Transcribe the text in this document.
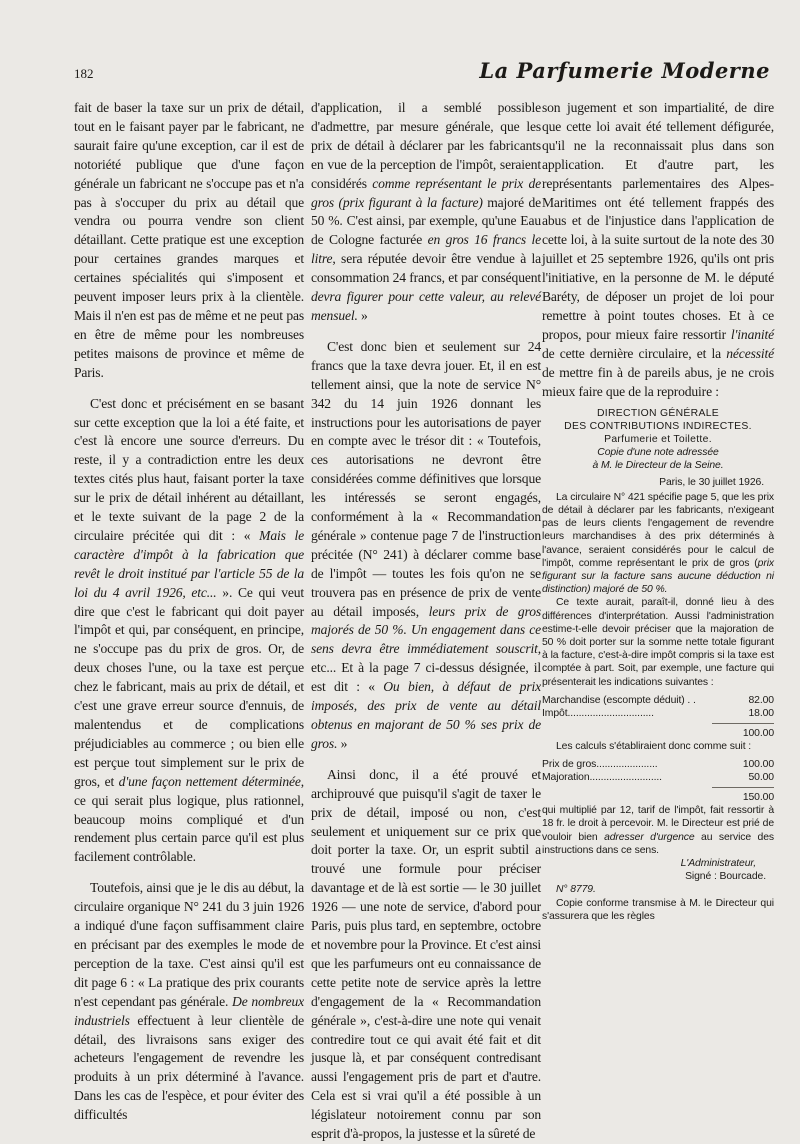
182	La Parfumerie Moderne

fait de baser la taxe sur un prix de détail, tout en le faisant payer par le fabricant, ne saurait faire qu'une exception, car il est de notoriété publique que d'une façon générale un fabricant ne s'occupe pas et n'a pas à s'occuper du prix au détail que vendra ou pourra vendre son client détaillant. Cette pratique est une exception pour certaines grandes marques et certaines spécialités qui s'imposent et peuvent imposer leurs prix à la clientèle. Mais il n'en est pas de même et ne peut pas en être de même pour les nombreuses petites maisons de province et même de Paris.

C'est donc et précisément en se basant sur cette exception que la loi a été faite, et c'est là encore une source d'erreurs. Du reste, il y a contradiction entre les deux textes cités plus haut, faisant porter la taxe sur le prix de détail inhérent au détaillant, et le texte suivant de la page 2 de la circulaire précitée qui dit : « Mais le caractère d'impôt à la fabrication que revêt le droit institué par l'article 55 de la loi du 4 avril 1926, etc... ». Ce qui veut dire que c'est le fabricant qui doit payer l'impôt et qui, par conséquent, en principe, ne s'occupe pas du prix de gros. Or, de deux choses l'une, ou la taxe est perçue chez le fabricant, mais au prix de détail, et c'est une grave erreur source d'ennuis, de malentendus et de complications préjudiciables au commerce ; ou bien elle est perçue tout simplement sur le prix de gros, et d'une façon nettement déterminée, ce qui serait plus logique, plus rationnel, beaucoup moins compliqué et d'un rendement plus certain parce qu'il est plus facilement contrôlable.

Toutefois, ainsi que je le dis au début, la circulaire organique N° 241 du 3 juin 1926 a indiqué d'une façon suffisamment claire en précisant par des exemples le mode de perception de la taxe. C'est ainsi qu'il est dit page 6 : « La pratique des prix courants n'est cependant pas générale. De nombreux industriels effectuent à leur clientèle de détail, des livraisons sans exiger des acheteurs l'engagement de revendre les produits à un prix déterminé à l'avance. Dans les cas de l'espèce, et pour éviter des difficultés

d'application, il a semblé possible d'admettre, par mesure générale, que les prix de détail à déclarer par les fabricants en vue de la perception de l'impôt, seraient considérés comme représentant le prix de gros (prix figurant à la facture) majoré de 50 %. C'est ainsi, par exemple, qu'une Eau de Cologne facturée en gros 16 francs le litre, sera réputée devoir être vendue à la consommation 24 francs, et par conséquent devra figurer pour cette valeur, au relevé mensuel. »

C'est donc bien et seulement sur 24 francs que la taxe devra jouer. Et, il en est tellement ainsi, que la note de service N° 342 du 14 juin 1926 donnant les instructions pour les autorisations de payer en compte avec le trésor dit : « Toutefois, ces autorisations ne devront être considérées comme définitives que lorsque les intéressés se seront engagés, conformément à la « Recommandation générale » contenue page 7 de l'instruction précitée (N° 241) à déclarer comme base de l'impôt — toutes les fois qu'on ne se trouvera pas en présence de prix de vente au détail imposés, leurs prix de gros majorés de 50 %. Un engagement dans ce sens devra être immédiatement souscrit, etc... Et à la page 7 ci-dessus désignée, il est dit : « Ou bien, à défaut de prix imposés, des prix de vente au détail obtenus en majorant de 50 % ses prix de gros. »

Ainsi donc, il a été prouvé et archiprouvé que puisqu'il s'agit de taxer le prix de détail, imposé ou non, c'est seulement et uniquement sur ce prix que doit porter la taxe. Or, un esprit subtil a trouvé une formule pour préciser davantage et de là est sortie — le 30 juillet 1926 — une note de service, d'abord pour Paris, puis plus tard, en septembre, octobre et novembre pour la Province. Et c'est ainsi que les parfumeurs ont eu connaissance de cette petite note de service après la lettre d'engagement de la « Recommandation générale », c'est-à-dire une note qui venait contredire tout ce qui avait été fait et dit jusque là, et par conséquent contredisant aussi l'engagement pris de part et d'autre. Cela est si vrai qu'il a été possible à un législateur notoirement connu par son esprit d'à-propos, la justesse et la sûreté de

son jugement et son impartialité, de dire que cette loi avait été tellement défigurée, qu'il ne la reconnaissait plus dans son application. Et d'autre part, les représentants parlementaires des Alpes-Maritimes ont été tellement frappés des abus et de l'injustice dans l'application de cette loi, à la suite surtout de la note des 30 juillet et 25 septembre 1926, qu'ils ont pris l'initiative, en la personne de M. le député Baréty, de déposer un projet de loi pour remettre à point toutes choses. Et à ce propos, pour mieux faire ressortir l'inanité de cette dernière circulaire, et la nécessité de mettre fin à de pareils abus, je ne crois mieux faire que de la reproduire :

DIRECTION GÉNÉRALE
DES CONTRIBUTIONS INDIRECTES.
Parfumerie et Toilette.
Copie d'une note adressée
à M. le Directeur de la Seine.
Paris, le 30 juillet 1926.
La circulaire N° 421 spécifie page 5, que les prix de détail à déclarer par les fabricants, n'exigeant pas de leurs clients l'engagement de revendre leurs marchandises à des prix déterminés à l'avance, seraient considérés pour le calcul de l'impôt, comme représentant le prix de gros (prix figurant sur la facture sans aucune déduction ni distinction) majoré de 50 %.
Ce texte aurait, paraît-il, donné lieu à des différences d'interprétation. Aussi l'administration estime-t-elle devoir préciser que la majoration de 50 % doit porter sur la somme nette totale figurant à la facture, c'est-à-dire impôt compris si la taxe est comptée à part. Soit, par exemple, une facture qui présenterait les indications suivantes :
Marchandise (escompte déduit) . .	82.00
Impôt...............................	18.00
100.00
Les calculs s'établiraient donc comme suit :
Prix de gros......................	100.00
Majoration..........................	50.00
150.00
qui multiplié par 12, tarif de l'impôt, fait ressortir à 18 fr. le droit à percevoir. M. le Directeur est prié de vouloir bien adresser d'urgence au service des instructions dans ce sens.
L'Administrateur,
Signé : Bourcade.
N° 8779.
Copie conforme transmise à M. le Directeur qui s'assurera que les règles
